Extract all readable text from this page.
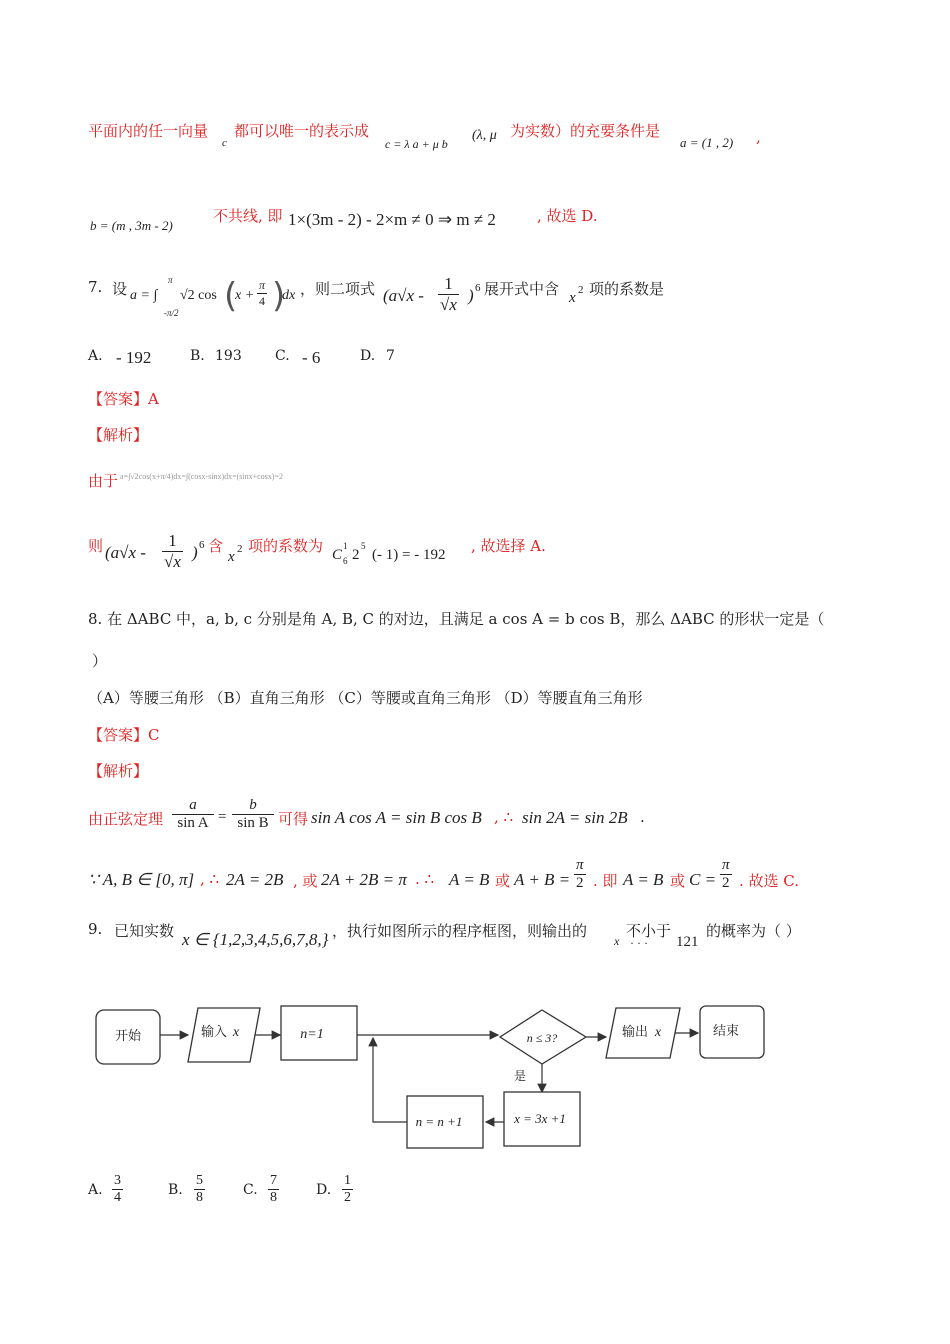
平面内的任一向量
c
都可以唯一的表示成
c = λ a + μ b
(λ, μ 为实数）的充要条件是
a = (1 , 2) ,
b = (m , 3m - 2)
不共线, 即 1×(3m - 2) - 2×m ≠ 0 ⇒ m ≠ 2	, 故选 D.
7. 设 a = ∫
π
-π/2
√2 cos (
$x + \frac{\pi}{4}$ )
dx ，则二项式 ($a√x - \frac{1}{√x}$ ) 6 展开式中含 x 2 项的系数是
A. - 192	B. 193 C. - 6	D. 7
【答案】A
【解析】
由于 a=∫√2cos(x+π/4)dx=∫(cosx-sinx)dx=(sinx+cosx)=2
则 ($a√x - \frac{1}{√x}$ ) 6 含
x 2 项的系数为 C
1
6 2
5
(- 1) = - 192 , 故选择 A.
8. 在 ΔABC 中，a, b, c 分别是角 A, B, C 的对边，且满足 a cos A = b cos B，那么 ΔABC 的形状一定是（
）
（A）等腰三角形 （B）直角三角形 （C）等腰或直角三角形 （D）等腰直角三角形
【答案】C
【解析】
由正弦定理 $\frac{a}{\text{sin A}} = \frac{b}{\text{sin B}}$ 可得 sin A cos A = sin B cos B , ∴ sin 2A = sin 2B .
∵ A, B ∈ [0, π] , ∴ 2A = 2B , 或 2A + 2B = π . ∴ A = B 或 $A + B = \frac{\pi}{2}$ . 即 A = B 或 $C = \frac{\pi}{2}$ . 故选 C.
9. 已知实数 x ∈ {1,2,3,4,5,6,7,8,} ，执行如图所示的程序框图，则输出的
x
不小于
· · · 121
的概率为（ ）
开始	输入 x	n=1	n ≤ 3?	输出 x	结束
是
x = 3x +1
n = n +1
A. $\frac{3}{4}$	B. $\frac{5}{8}$	C. $\frac{7}{8}$	D. $\frac{1}{2}$
